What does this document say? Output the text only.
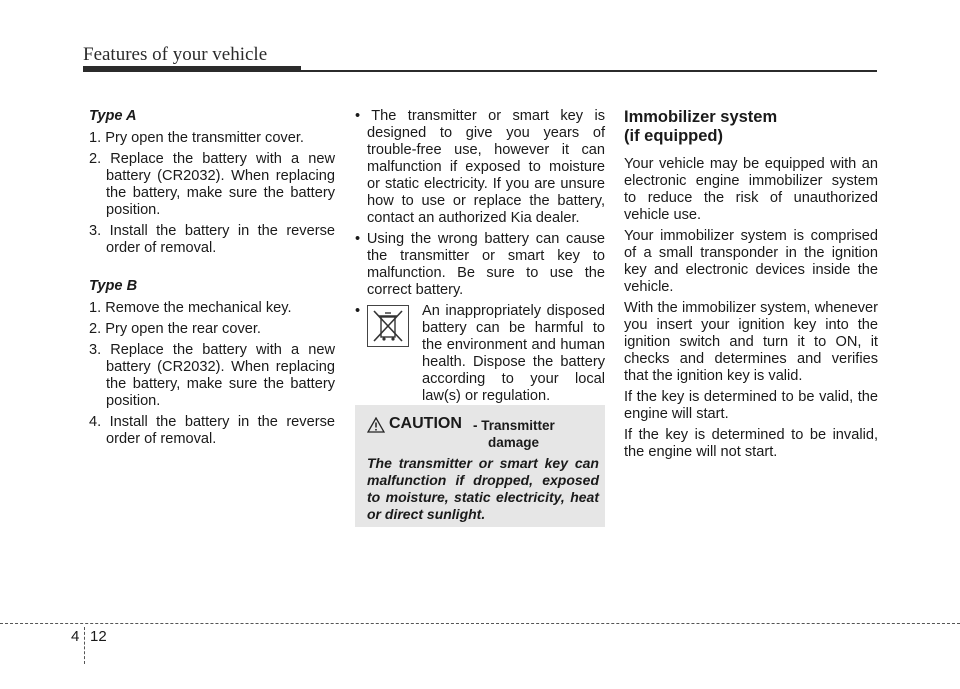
Features of your vehicle
Type A
1. Pry open the transmitter cover.
2. Replace the battery with a new battery (CR2032). When replacing the battery, make sure the battery position.
3. Install the battery in the reverse order of removal.
Type B
1. Remove the mechanical key.
2. Pry open the rear cover.
3. Replace the battery with a new battery (CR2032). When replacing the battery, make sure the battery position.
4. Install the battery in the reverse order of removal.
• The transmitter or smart key is designed to give you years of trouble-free use, however it can malfunction if exposed to moisture or static electricity. If you are unsure how to use or replace the battery, contact an authorized Kia dealer.
• Using the wrong battery can cause the transmitter or smart key to malfunction. Be sure to use the correct battery.
•	An inappropriately disposed battery can be harmful to the environment and human health. Dispose the battery according to your local law(s) or regulation.
CAUTION - Transmitter
damage
The transmitter or smart key can malfunction if dropped, exposed to moisture, static electricity, heat or direct sunlight.
Immobilizer system
(if equipped)

Your vehicle may be equipped with an electronic engine immobilizer system to reduce the risk of unauthorized vehicle use.

Your immobilizer system is comprised of a small transponder in the ignition key and electronic devices inside the vehicle.

With the immobilizer system, whenever you insert your ignition key into the ignition switch and turn it to ON, it checks and determines and verifies that the ignition key is valid.

If the key is determined to be valid, the engine will start.

If the key is determined to be invalid, the engine will not start.

4 12
